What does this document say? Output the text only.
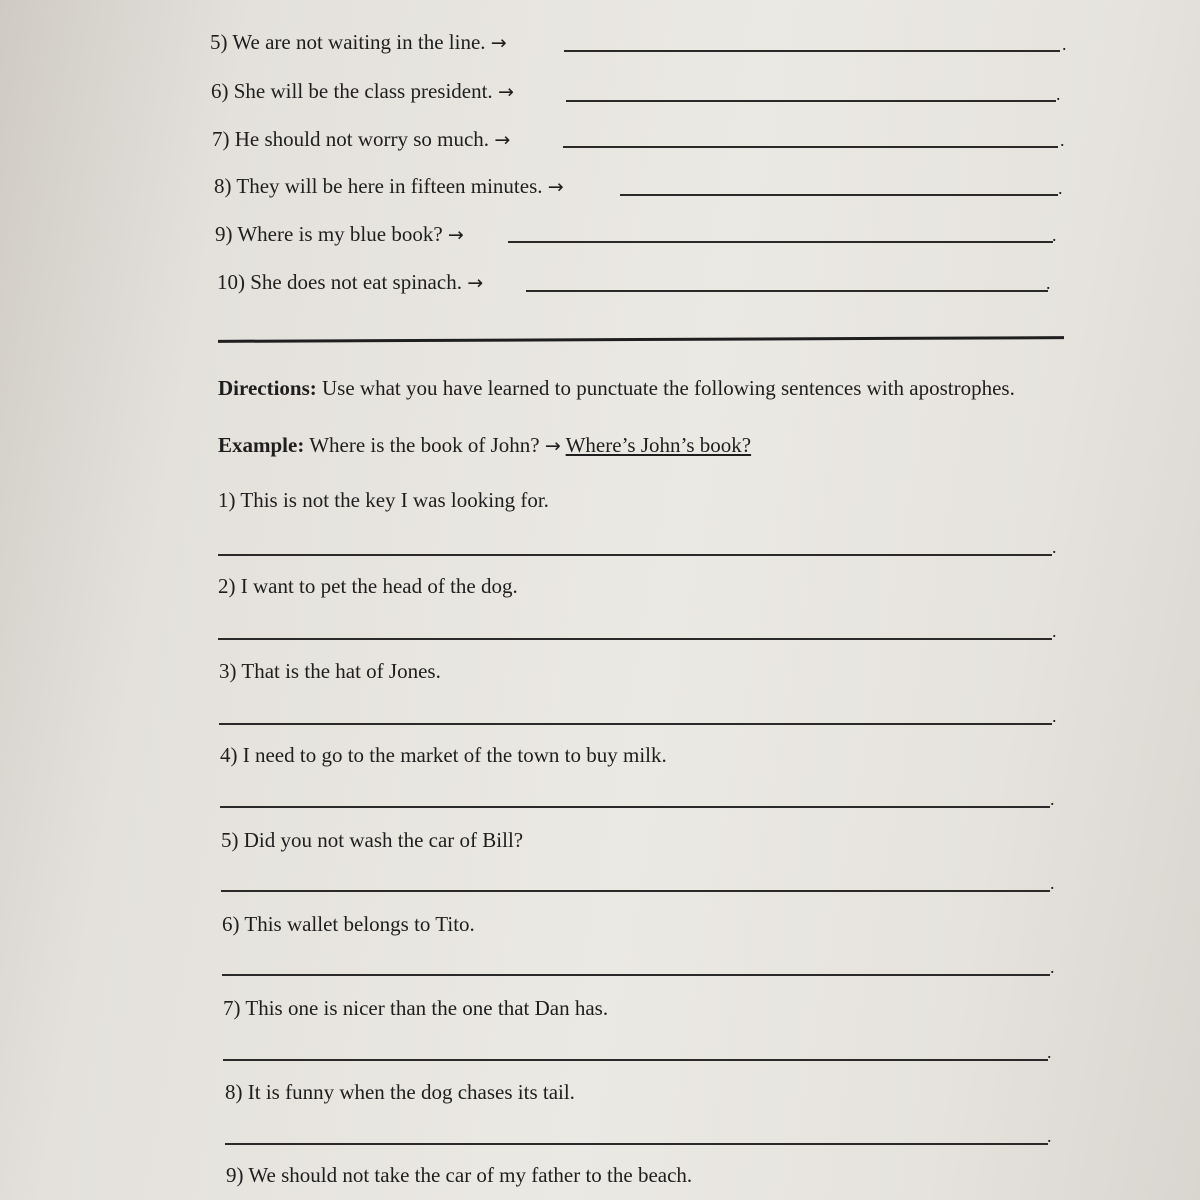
5) We are not waiting in the line. →	.
6) She will be the class president. →	.
7) He should not worry so much. →	.
8) They will be here in fifteen minutes. →	.
9) Where is my blue book? →	.
10) She does not eat spinach. →	.
Directions: Use what you have learned to punctuate the following sentences with apostrophes.
Example: Where is the book of John? → Where’s John’s book?
1) This is not the key I was looking for.
.
2) I want to pet the head of the dog.
.
3) That is the hat of Jones.
.
4) I need to go to the market of the town to buy milk.
.
5) Did you not wash the car of Bill?
.
6) This wallet belongs to Tito.
.
7) This one is nicer than the one that Dan has.
.
8) It is funny when the dog chases its tail.
.
9) We should not take the car of my father to the beach.
